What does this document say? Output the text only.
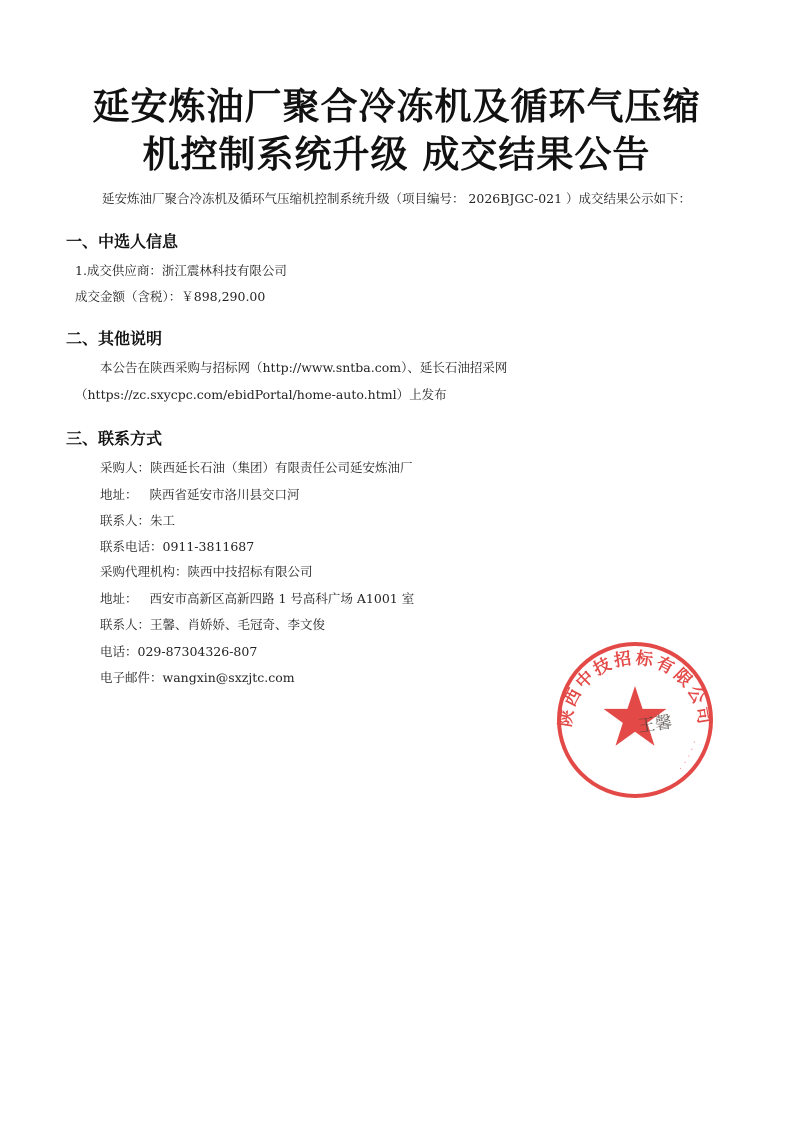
延安炼油厂聚合冷冻机及循环气压缩
机控制系统升级 成交结果公告
延安炼油厂聚合冷冻机及循环气压缩机控制系统升级（项目编号： 2026BJGC-021 ）成交结果公示如下：
一、中选人信息
1.成交供应商：浙江震林科技有限公司
成交金额（含税）：￥898,290.00
二、其他说明
本公告在陕西采购与招标网（http://www.sntba.com）、延长石油招采网
（https://zc.sxycpc.com/ebidPortal/home-auto.html）上发布
三、联系方式
采购人：陕西延长石油（集团）有限责任公司延安炼油厂
地址： 陕西省延安市洛川县交口河
联系人：朱工
联系电话：0911-3811687
采购代理机构：陕西中技招标有限公司
地址： 西安市高新区高新四路 1 号高科广场 A1001 室
联系人：王馨、肖娇娇、毛冠奇、李文俊
电话：029-87304326-807
电子邮件：wangxin@sxzjtc.com
陕西中技招标有限公司
- - - - -
王馨
